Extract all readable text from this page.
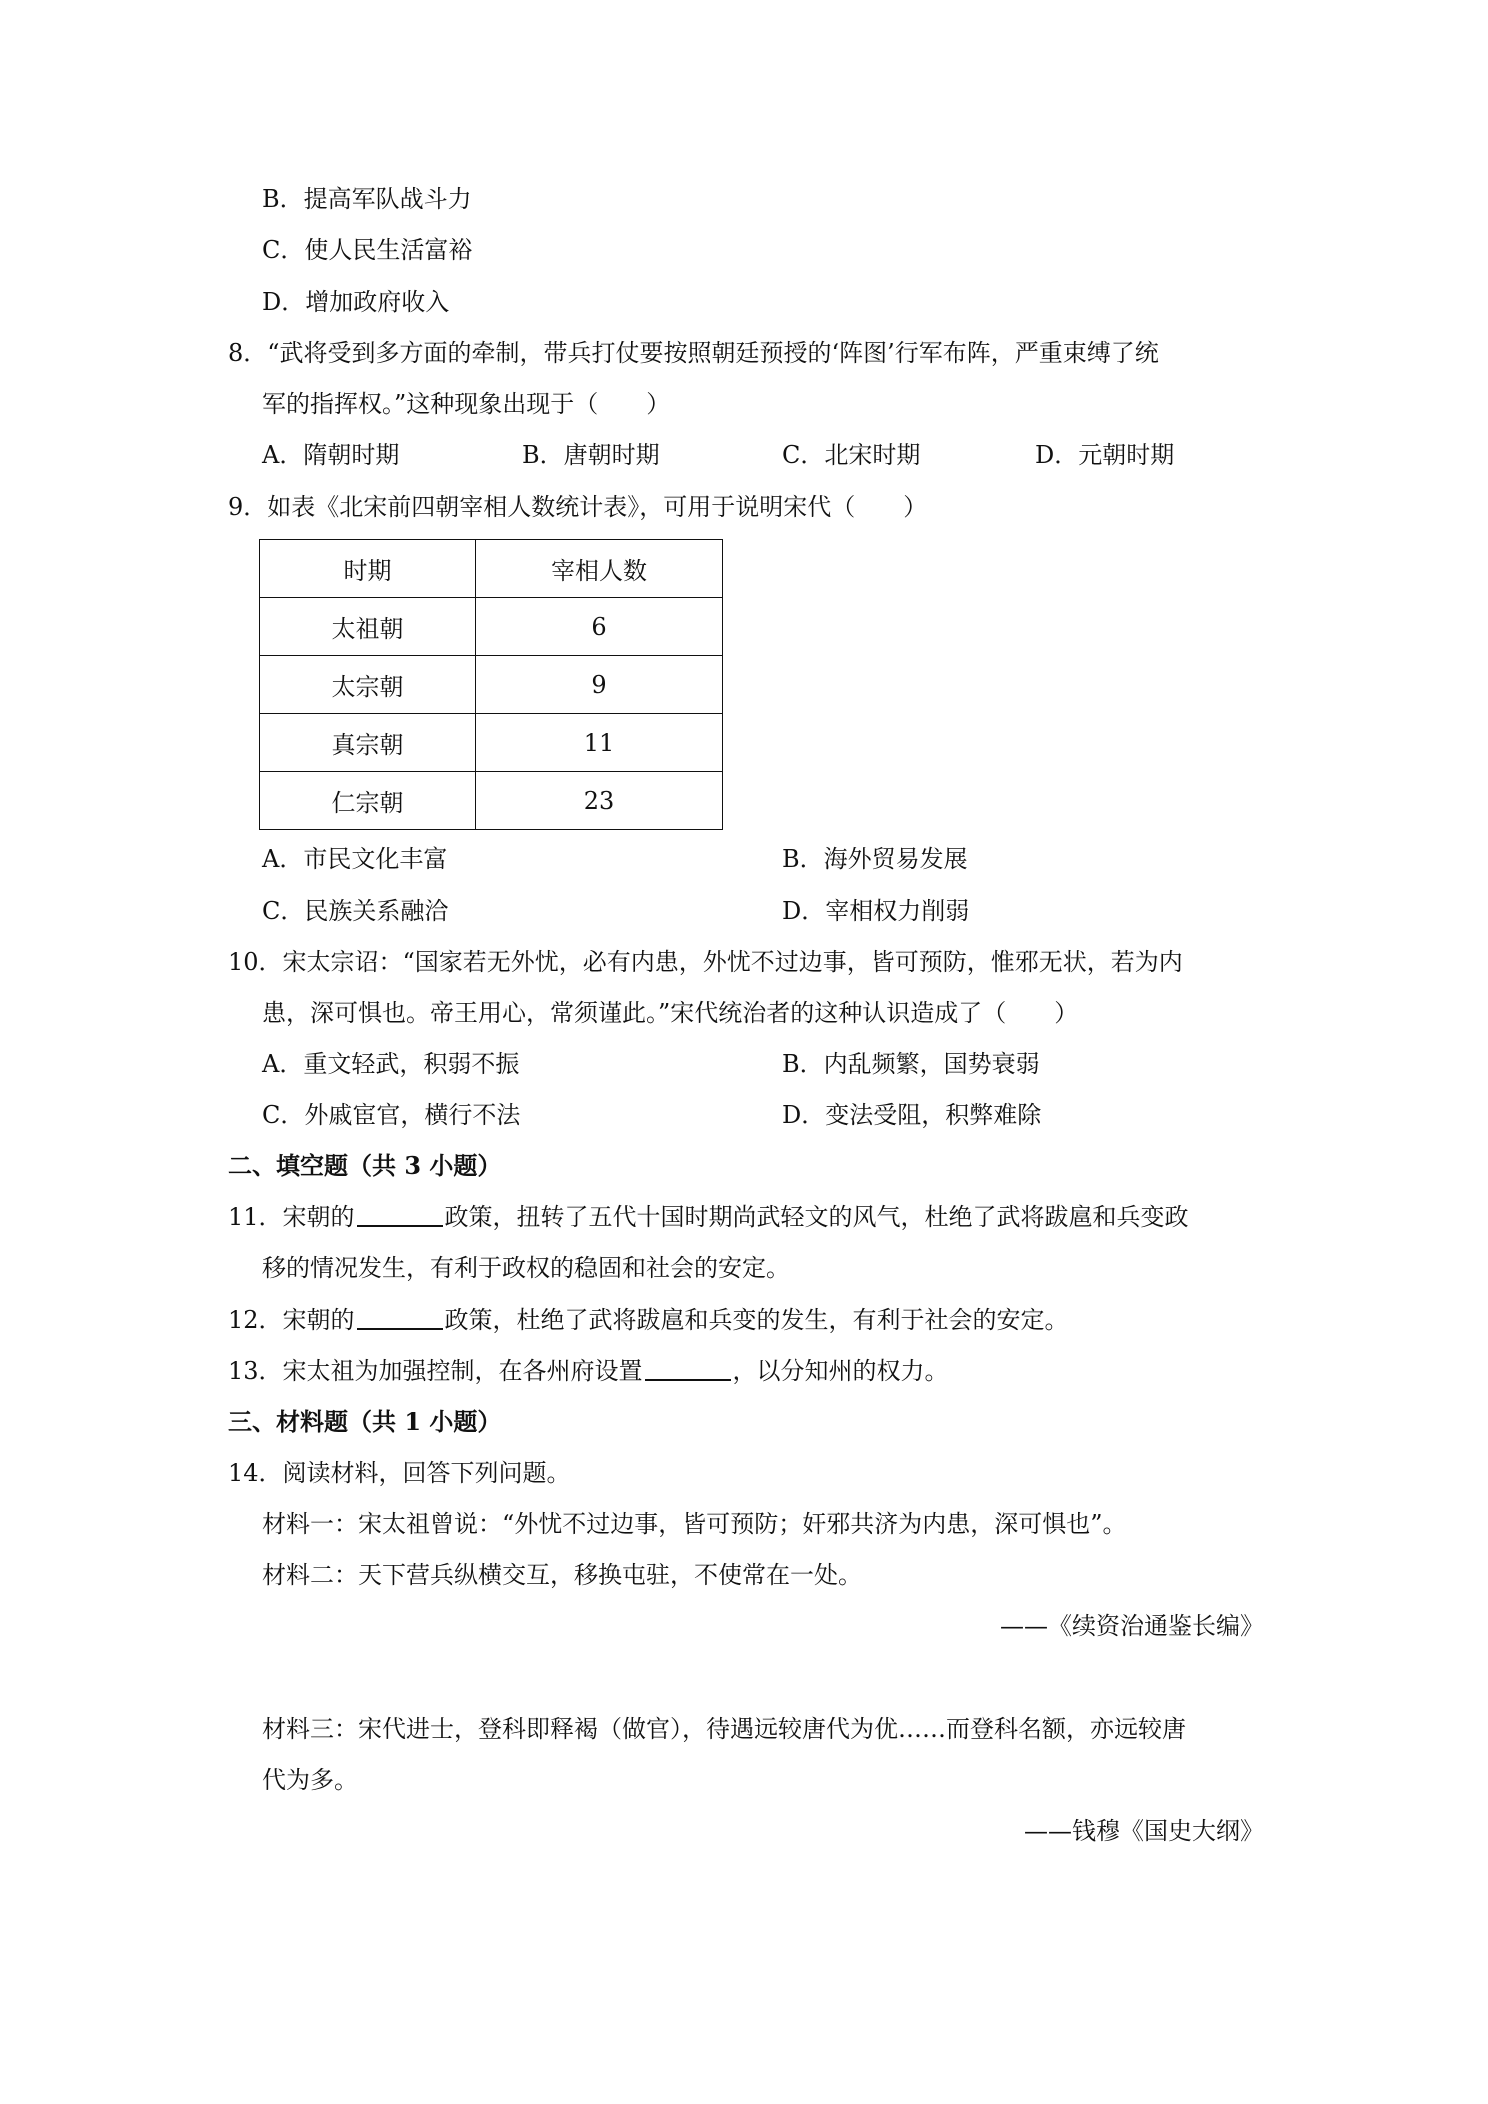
B．提高军队战斗力
C．使人民生活富裕
D．增加政府收入
8．“武将受到多方面的牵制，带兵打仗要按照朝廷预授的‘阵图’行军布阵，严重束缚了统
军的指挥权。”这种现象出现于（　　）
A．隋朝时期	B．唐朝时期	C．北宋时期	D．元朝时期
9．如表《北宋前四朝宰相人数统计表》，可用于说明宋代（　　）
时期	宰相人数
太祖朝	6
太宗朝	9
真宗朝	11
仁宗朝	23
A．市民文化丰富	B．海外贸易发展
C．民族关系融洽	D．宰相权力削弱
10．宋太宗诏：“国家若无外忧，必有内患，外忧不过边事，皆可预防，惟邪无状，若为内
患，深可惧也。帝王用心，常须谨此。”宋代统治者的这种认识造成了（　　）
A．重文轻武，积弱不振	B．内乱频繁，国势衰弱
C．外戚宦官，横行不法	D．变法受阻，积弊难除
二、填空题（共 3 小题）
11．宋朝的	政策，扭转了五代十国时期尚武轻文的风气，杜绝了武将跋扈和兵变政
移的情况发生，有利于政权的稳固和社会的安定。
12．宋朝的	政策，杜绝了武将跋扈和兵变的发生，有利于社会的安定。
13．宋太祖为加强控制，在各州府设置	，以分知州的权力。
三、材料题（共 1 小题）
14．阅读材料，回答下列问题。
材料一：宋太祖曾说：“外忧不过边事，皆可预防；奸邪共济为内患，深可惧也”。
材料二：天下营兵纵横交互，移换屯驻，不使常在一处。
——《续资治通鉴长编》
材料三：宋代进士，登科即释褐（做官），待遇远较唐代为优……而登科名额，亦远较唐
代为多。
——钱穆《国史大纲》
